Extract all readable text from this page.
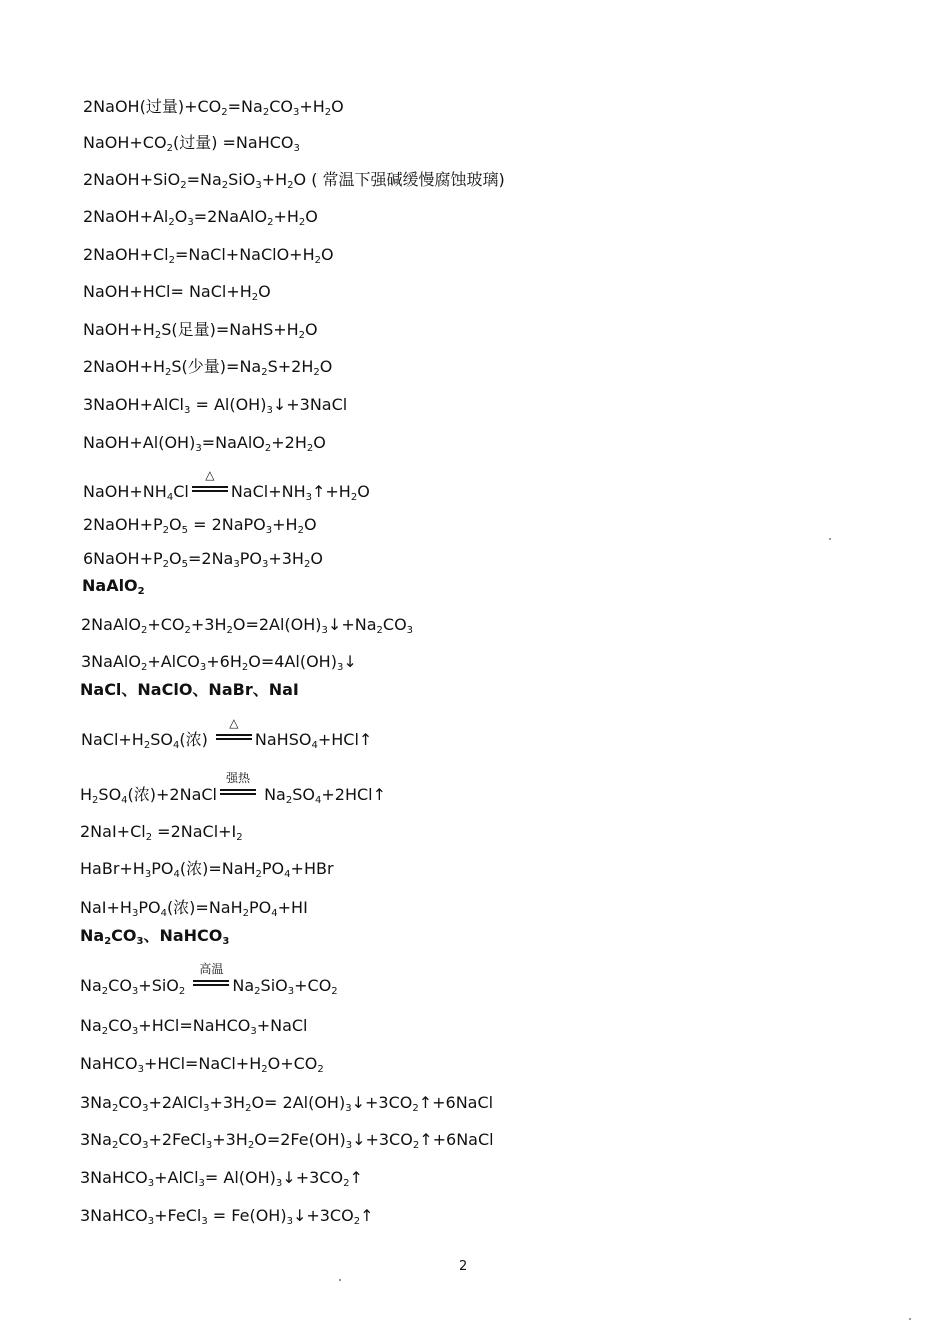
2NaOH(过量)$+CO_2=Na_2CO_3+H_2O$
$NaOH+CO_2$(过量) =NaHCO$_3$
$2NaOH+SiO_2=Na_2SiO_3+H_2O$ ( 常温下强碱缓慢腐蚀玻璃)
$2NaOH+Al_2O_3=2NaAlO_2+H_2O$
$2NaOH+Cl_2=NaCl+NaClO+H_2O$
NaOH+HCl= $NaCl+H_2O$
$NaOH+H_2S$(足量)$=NaHS+H_2O$
$2NaOH+H_2S$(少量)$=Na_2S+2H_2O$
3NaOH+AlCl$_3$ = $Al(OH)_3↓+3NaCl$
$NaOH+Al(OH)_3=NaAlO_2+2H_2O$
$NaOH+NH_4Cl$
△
$NaCl+NH_3↑+H_2O$
$2NaOH+P_2O_5$ = $2NaPO_3+H_2O$
$6NaOH+P_2O_5=2Na_3PO_3+3H_2O$
NaAlO$_2$
$2NaAlO_2+CO_2+3H_2O=2Al(OH)_3↓+Na_2CO_3$
$3NaAlO_2+AlCO_3+6H_2O=4Al(OH)_3↓$
NaCl、NaClO、NaBr、NaI
$NaCl+H_2SO_4$(浓)
△
NaHSO$_4$+HCl↑
$H_2SO_4$(浓)+2NaCl
强热
$Na_2SO_4+2HCl↑$
$2NaI+Cl_2$ $=2NaCl+I_2$
$HaBr+H_3PO_4$(浓)$=NaH_2PO_4+HBr$
$NaI+H_3PO_4$(浓)$=NaH_2PO_4+HI$
$Na_2CO_3$、NaHCO$_3$
$Na_2CO_3+SiO_2$
高温
$Na_2SiO_3+CO_2$
$Na_2CO_3+HCl=NaHCO_3+NaCl$
$NaHCO_3+HCl=NaCl+H_2O+CO_2$
$3Na_2CO_3+2AlCl_3+3H_2O=$ $2Al(OH)_3↓+3CO_2↑+6NaCl$
$3Na_2CO_3+2FeCl_3+3H_2O=2Fe(OH)_3↓+3CO_2↑+6NaCl$
3NaHCO$_3$+AlCl$_3$= $Al(OH)_3↓+3CO_2↑$
3NaHCO$_3$+FeCl$_3$ = $Fe(OH)_3↓+3CO_2↑$
2
